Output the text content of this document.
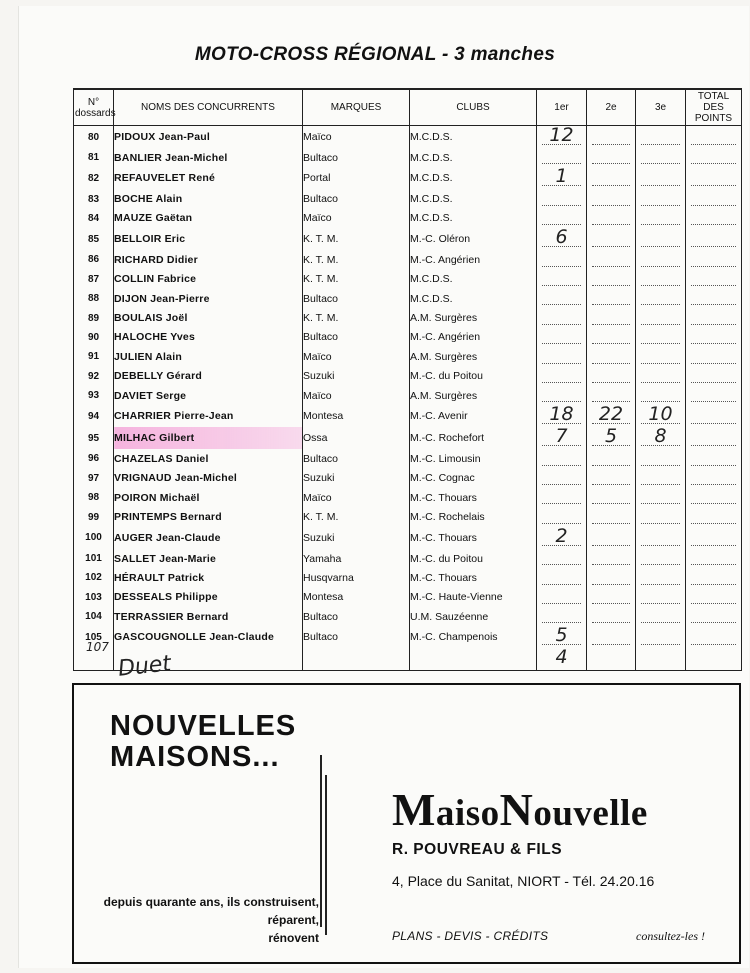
MOTO-CROSS RÉGIONAL - 3 manches
N° dossards	NOMS DES CONCURRENTS	MARQUES	CLUBS	1er	2e	3e	TOTAL DES POINTS
80	PIDOUX Jean-Paul	Maïco	M.C.D.S.	12	

81	BANLIER Jean-Michel	Bultaco	M.C.D.S.	

82	REFAUVELET René	Portal	M.C.D.S.	1	

83	BOCHE Alain	Bultaco	M.C.D.S.	

84	MAUZE Gaëtan	Maïco	M.C.D.S.	

85	BELLOIR Eric	K. T. M.	M.-C. Oléron	6	

86	RICHARD Didier	K. T. M.	M.-C. Angérien	

87	COLLIN Fabrice	K. T. M.	M.C.D.S.	

88	DIJON Jean-Pierre	Bultaco	M.C.D.S.	

89	BOULAIS Joël	K. T. M.	A.M. Surgères	

90	HALOCHE Yves	Bultaco	M.-C. Angérien	

91	JULIEN Alain	Maïco	A.M. Surgères	

92	DEBELLY Gérard	Suzuki	M.-C. du Poitou	

93	DAVIET Serge	Maïco	A.M. Surgères	

94	CHARRIER Pierre-Jean	Montesa	M.-C. Avenir	18	22	10	

95	MILHAC Gilbert	Ossa	M.-C. Rochefort	7	5	8	

96	CHAZELAS Daniel	Bultaco	M.-C. Limousin	

97	VRIGNAUD Jean-Michel	Suzuki	M.-C. Cognac	

98	POIRON Michaël	Maïco	M.-C. Thouars	

99	PRINTEMPS Bernard	K. T. M.	M.-C. Rochelais	

100	AUGER Jean-Claude	Suzuki	M.-C. Thouars	2	

101	SALLET Jean-Marie	Yamaha	M.-C. du Poitou	

102	HÉRAULT Patrick	Husqvarna	M.-C. Thouars	

103	DESSEALS Philippe	Montesa	M.-C. Haute-Vienne	

104	TERRASSIER Bernard	Bultaco	U.M. Sauzéenne	

105	GASCOUGNOLLE Jean-Claude	Bultaco	M.-C. Champenois	5	

				4			
107
Duet
NOUVELLES
MAISONS...
MaisoNouvelle
R. POUVREAU & FILS
4, Place du Sanitat, NIORT - Tél. 24.20.16
depuis quarante ans, ils construisent,
réparent,
rénovent	PLANS - DEVIS - CRÉDITS	consultez-les !
